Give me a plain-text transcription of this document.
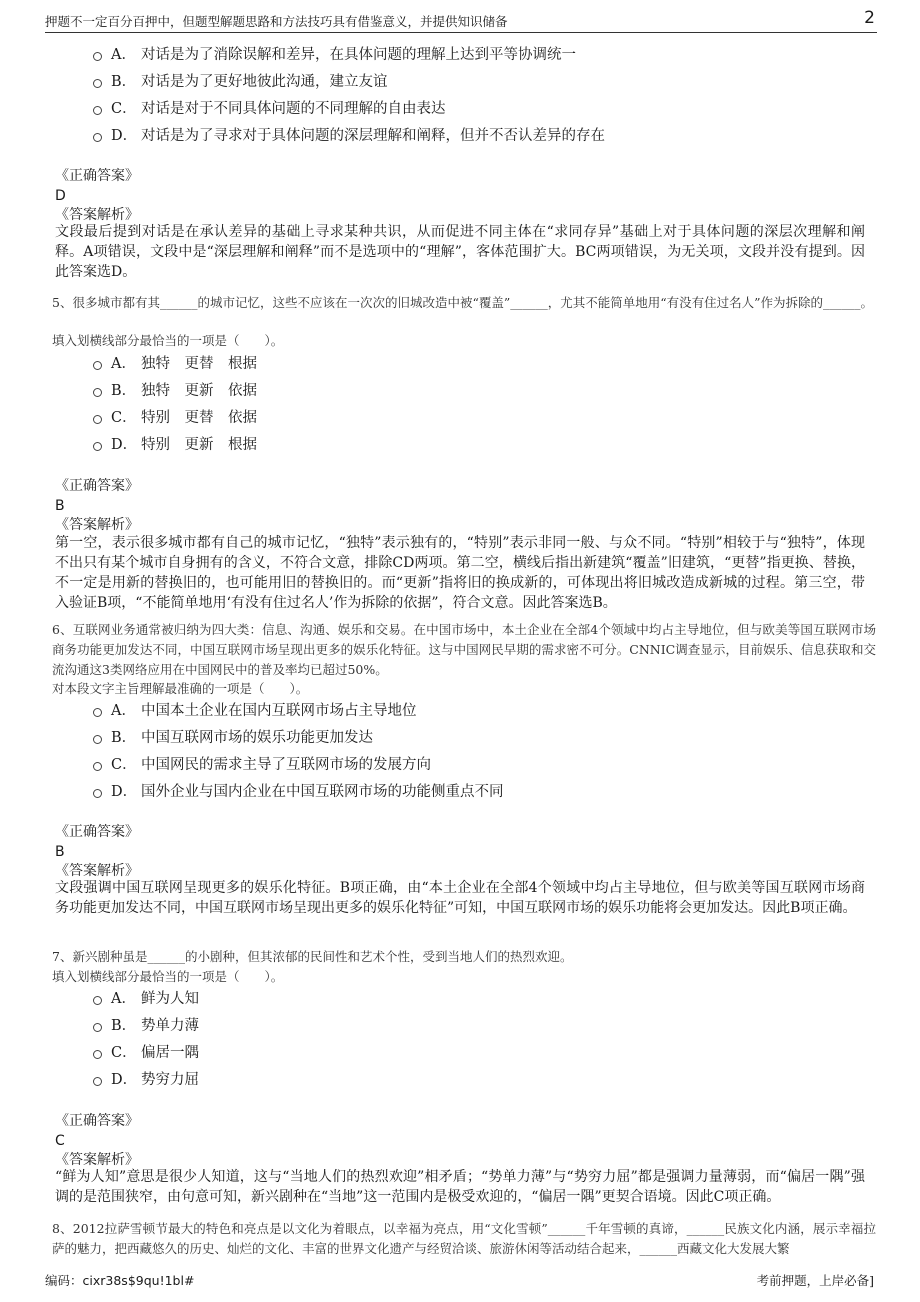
押题不一定百分百押中，但题型解题思路和方法技巧具有借鉴意义，并提供知识储备	2
A． 对话是为了消除误解和差异，在具体问题的理解上达到平等协调统一
B． 对话是为了更好地彼此沟通，建立友谊
C． 对话是对于不同具体问题的不同理解的自由表达
D． 对话是为了寻求对于具体问题的深层理解和阐释，但并不否认差异的存在
《正确答案》
D
《答案解析》
文段最后提到对话是在承认差异的基础上寻求某种共识，从而促进不同主体在“求同存异”基础上对于具体问题的深层次理解和阐释。A项错误，文段中是“深层理解和阐释”而不是选项中的“理解”，客体范围扩大。BC两项错误，为无关项，文段并没有提到。因此答案选D。
5、很多城市都有其______的城市记忆，这些不应该在一次次的旧城改造中被“覆盖”______，尤其不能简单地用“有没有住过名人”作为拆除的______。
填入划横线部分最恰当的一项是（　　）。
A． 独特　更替　根据
B． 独特　更新　依据
C． 特别　更替　依据
D． 特别　更新　根据
《正确答案》
B
《答案解析》
第一空，表示很多城市都有自己的城市记忆，“独特”表示独有的，“特别”表示非同一般、与众不同。“特别”相较于与“独特”，体现不出只有某个城市自身拥有的含义，不符合文意，排除CD两项。第二空，横线后指出新建筑“覆盖”旧建筑，“更替”指更换、替换，不一定是用新的替换旧的，也可能用旧的替换旧的。而“更新”指将旧的换成新的，可体现出将旧城改造成新城的过程。第三空，带入验证B项，“不能简单地用‘有没有住过名人’作为拆除的依据”，符合文意。因此答案选B。
6、互联网业务通常被归纳为四大类：信息、沟通、娱乐和交易。在中国市场中，本土企业在全部4个领域中均占主导地位，但与欧美等国互联网市场商务功能更加发达不同，中国互联网市场呈现出更多的娱乐化特征。这与中国网民早期的需求密不可分。CNNIC调查显示，目前娱乐、信息获取和交流沟通这3类网络应用在中国网民中的普及率均已超过50%。
对本段文字主旨理解最准确的一项是（　　）。
A． 中国本土企业在国内互联网市场占主导地位
B． 中国互联网市场的娱乐功能更加发达
C． 中国网民的需求主导了互联网市场的发展方向
D． 国外企业与国内企业在中国互联网市场的功能侧重点不同
《正确答案》
B
《答案解析》
文段强调中国互联网呈现更多的娱乐化特征。B项正确，由“本土企业在全部4个领域中均占主导地位，但与欧美等国互联网市场商务功能更加发达不同，中国互联网市场呈现出更多的娱乐化特征”可知，中国互联网市场的娱乐功能将会更加发达。因此B项正确。
7、新兴剧种虽是______的小剧种，但其浓郁的民间性和艺术个性，受到当地人们的热烈欢迎。
填入划横线部分最恰当的一项是（　　）。
A． 鲜为人知
B． 势单力薄
C． 偏居一隅
D． 势穷力屈
《正确答案》
C
《答案解析》
“鲜为人知”意思是很少人知道，这与“当地人们的热烈欢迎”相矛盾；“势单力薄”与“势穷力屈”都是强调力量薄弱，而“偏居一隅”强调的是范围狭窄，由句意可知，新兴剧种在“当地”这一范围内是极受欢迎的，“偏居一隅”更契合语境。因此C项正确。
8、2012拉萨雪顿节最大的特色和亮点是以文化为着眼点，以幸福为亮点，用“文化雪顿”______千年雪顿的真谛，______民族文化内涵，展示幸福拉萨的魅力，把西藏悠久的历史、灿烂的文化、丰富的世界文化遗产与经贸洽谈、旅游休闲等活动结合起来，______西藏文化大发展大繁
编码：cixr38s$9qu!1bl#	考前押题，上岸必备]
